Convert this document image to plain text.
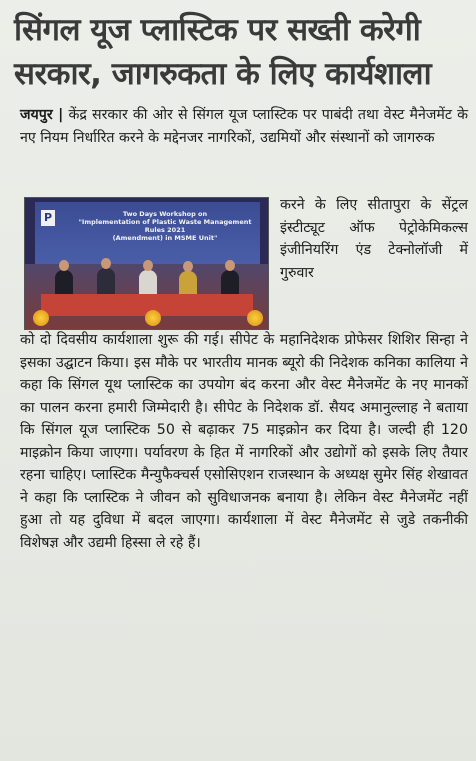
सिंगल यूज प्लास्टिक पर सख्ती करेगी
सरकार, जागरुकता के लिए कार्यशाला
जयपुर | केंद्र सरकार की ओर से सिंगल यूज प्लास्टिक पर पाबंदी तथा वेस्ट मैनेजमेंट के नए नियम निर्धारित करने के मद्देनजर नागरिकों, उद्यमियों और संस्थानों को जागरुक
P	Two Days Workshop on
"Implementation of Plastic Waste Management Rules 2021
(Amendment) in MSME Unit"

करने के लिए सीतापुरा के सेंट्रल इंस्टीट्यूट ऑफ पेट्रोकेमिकल्स इंजीनियरिंग एंड टेक्नोलॉजी में गुरुवार

को दो दिवसीय कार्यशाला शुरू की गई। सीपेट के महानिदेशक प्रोफेसर शिशिर सिन्हा ने इसका उद्घाटन किया। इस मौके पर भारतीय मानक ब्यूरो की निदेशक कनिका कालिया ने कहा कि सिंगल यूथ प्लास्टिक का उपयोग बंद करना और वेस्ट मैनेजमेंट के नए मानकों का पालन करना हमारी जिम्मेदारी है। सीपेट के निदेशक डॉ. सैयद अमानुल्लाह ने बताया कि सिंगल यूज प्लास्टिक 50 से बढ़ाकर 75 माइक्रोन कर दिया है। जल्दी ही 120 माइक्रोन किया जाएगा। पर्यावरण के हित में नागरिकों और उद्योगों को इसके लिए तैयार रहना चाहिए। प्लास्टिक मैन्युफैक्चर्स एसोसिएशन राजस्थान के अध्यक्ष सुमेर सिंह शेखावत ने कहा कि प्लास्टिक ने जीवन को सुविधाजनक बनाया है। लेकिन वेस्ट मैनेजमेंट नहीं हुआ तो यह दुविधा में बदल जाएगा। कार्यशाला में वेस्ट मैनेजमेंट से जुडे तकनीकी विशेषज्ञ और उद्यमी हिस्सा ले रहे हैं।
